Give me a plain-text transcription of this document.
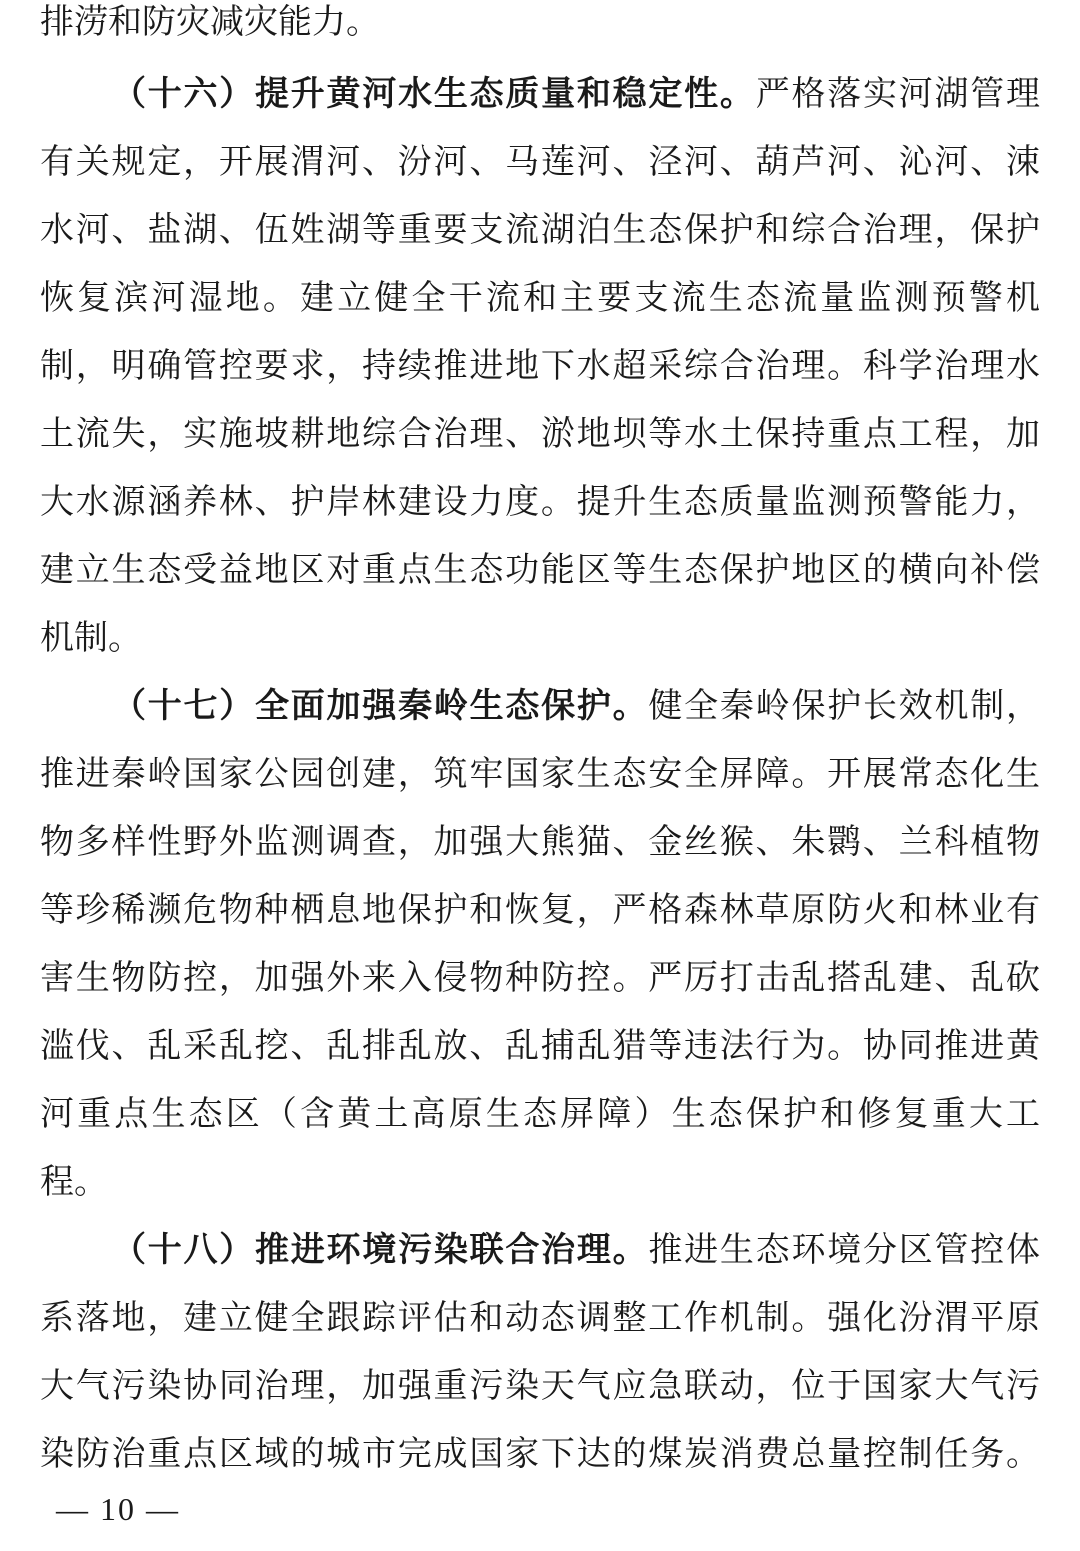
排涝和防灾减灾能力。
（十六）提升黄河水生态质量和稳定性。严格落实河湖管理
有关规定，开展渭河、汾河、马莲河、泾河、葫芦河、沁河、涑
水河、盐湖、伍姓湖等重要支流湖泊生态保护和综合治理，保护
恢复滨河湿地。建立健全干流和主要支流生态流量监测预警机
制，明确管控要求，持续推进地下水超采综合治理。科学治理水
土流失，实施坡耕地综合治理、淤地坝等水土保持重点工程，加
大水源涵养林、护岸林建设力度。提升生态质量监测预警能力，
建立生态受益地区对重点生态功能区等生态保护地区的横向补偿
机制。
（十七）全面加强秦岭生态保护。健全秦岭保护长效机制，
推进秦岭国家公园创建，筑牢国家生态安全屏障。开展常态化生
物多样性野外监测调查，加强大熊猫、金丝猴、朱鹮、兰科植物
等珍稀濒危物种栖息地保护和恢复，严格森林草原防火和林业有
害生物防控，加强外来入侵物种防控。严厉打击乱搭乱建、乱砍
滥伐、乱采乱挖、乱排乱放、乱捕乱猎等违法行为。协同推进黄
河重点生态区（含黄土高原生态屏障）生态保护和修复重大工
程。
（十八）推进环境污染联合治理。推进生态环境分区管控体
系落地，建立健全跟踪评估和动态调整工作机制。强化汾渭平原
大气污染协同治理，加强重污染天气应急联动，位于国家大气污
染防治重点区域的城市完成国家下达的煤炭消费总量控制任务。
— 10 —
